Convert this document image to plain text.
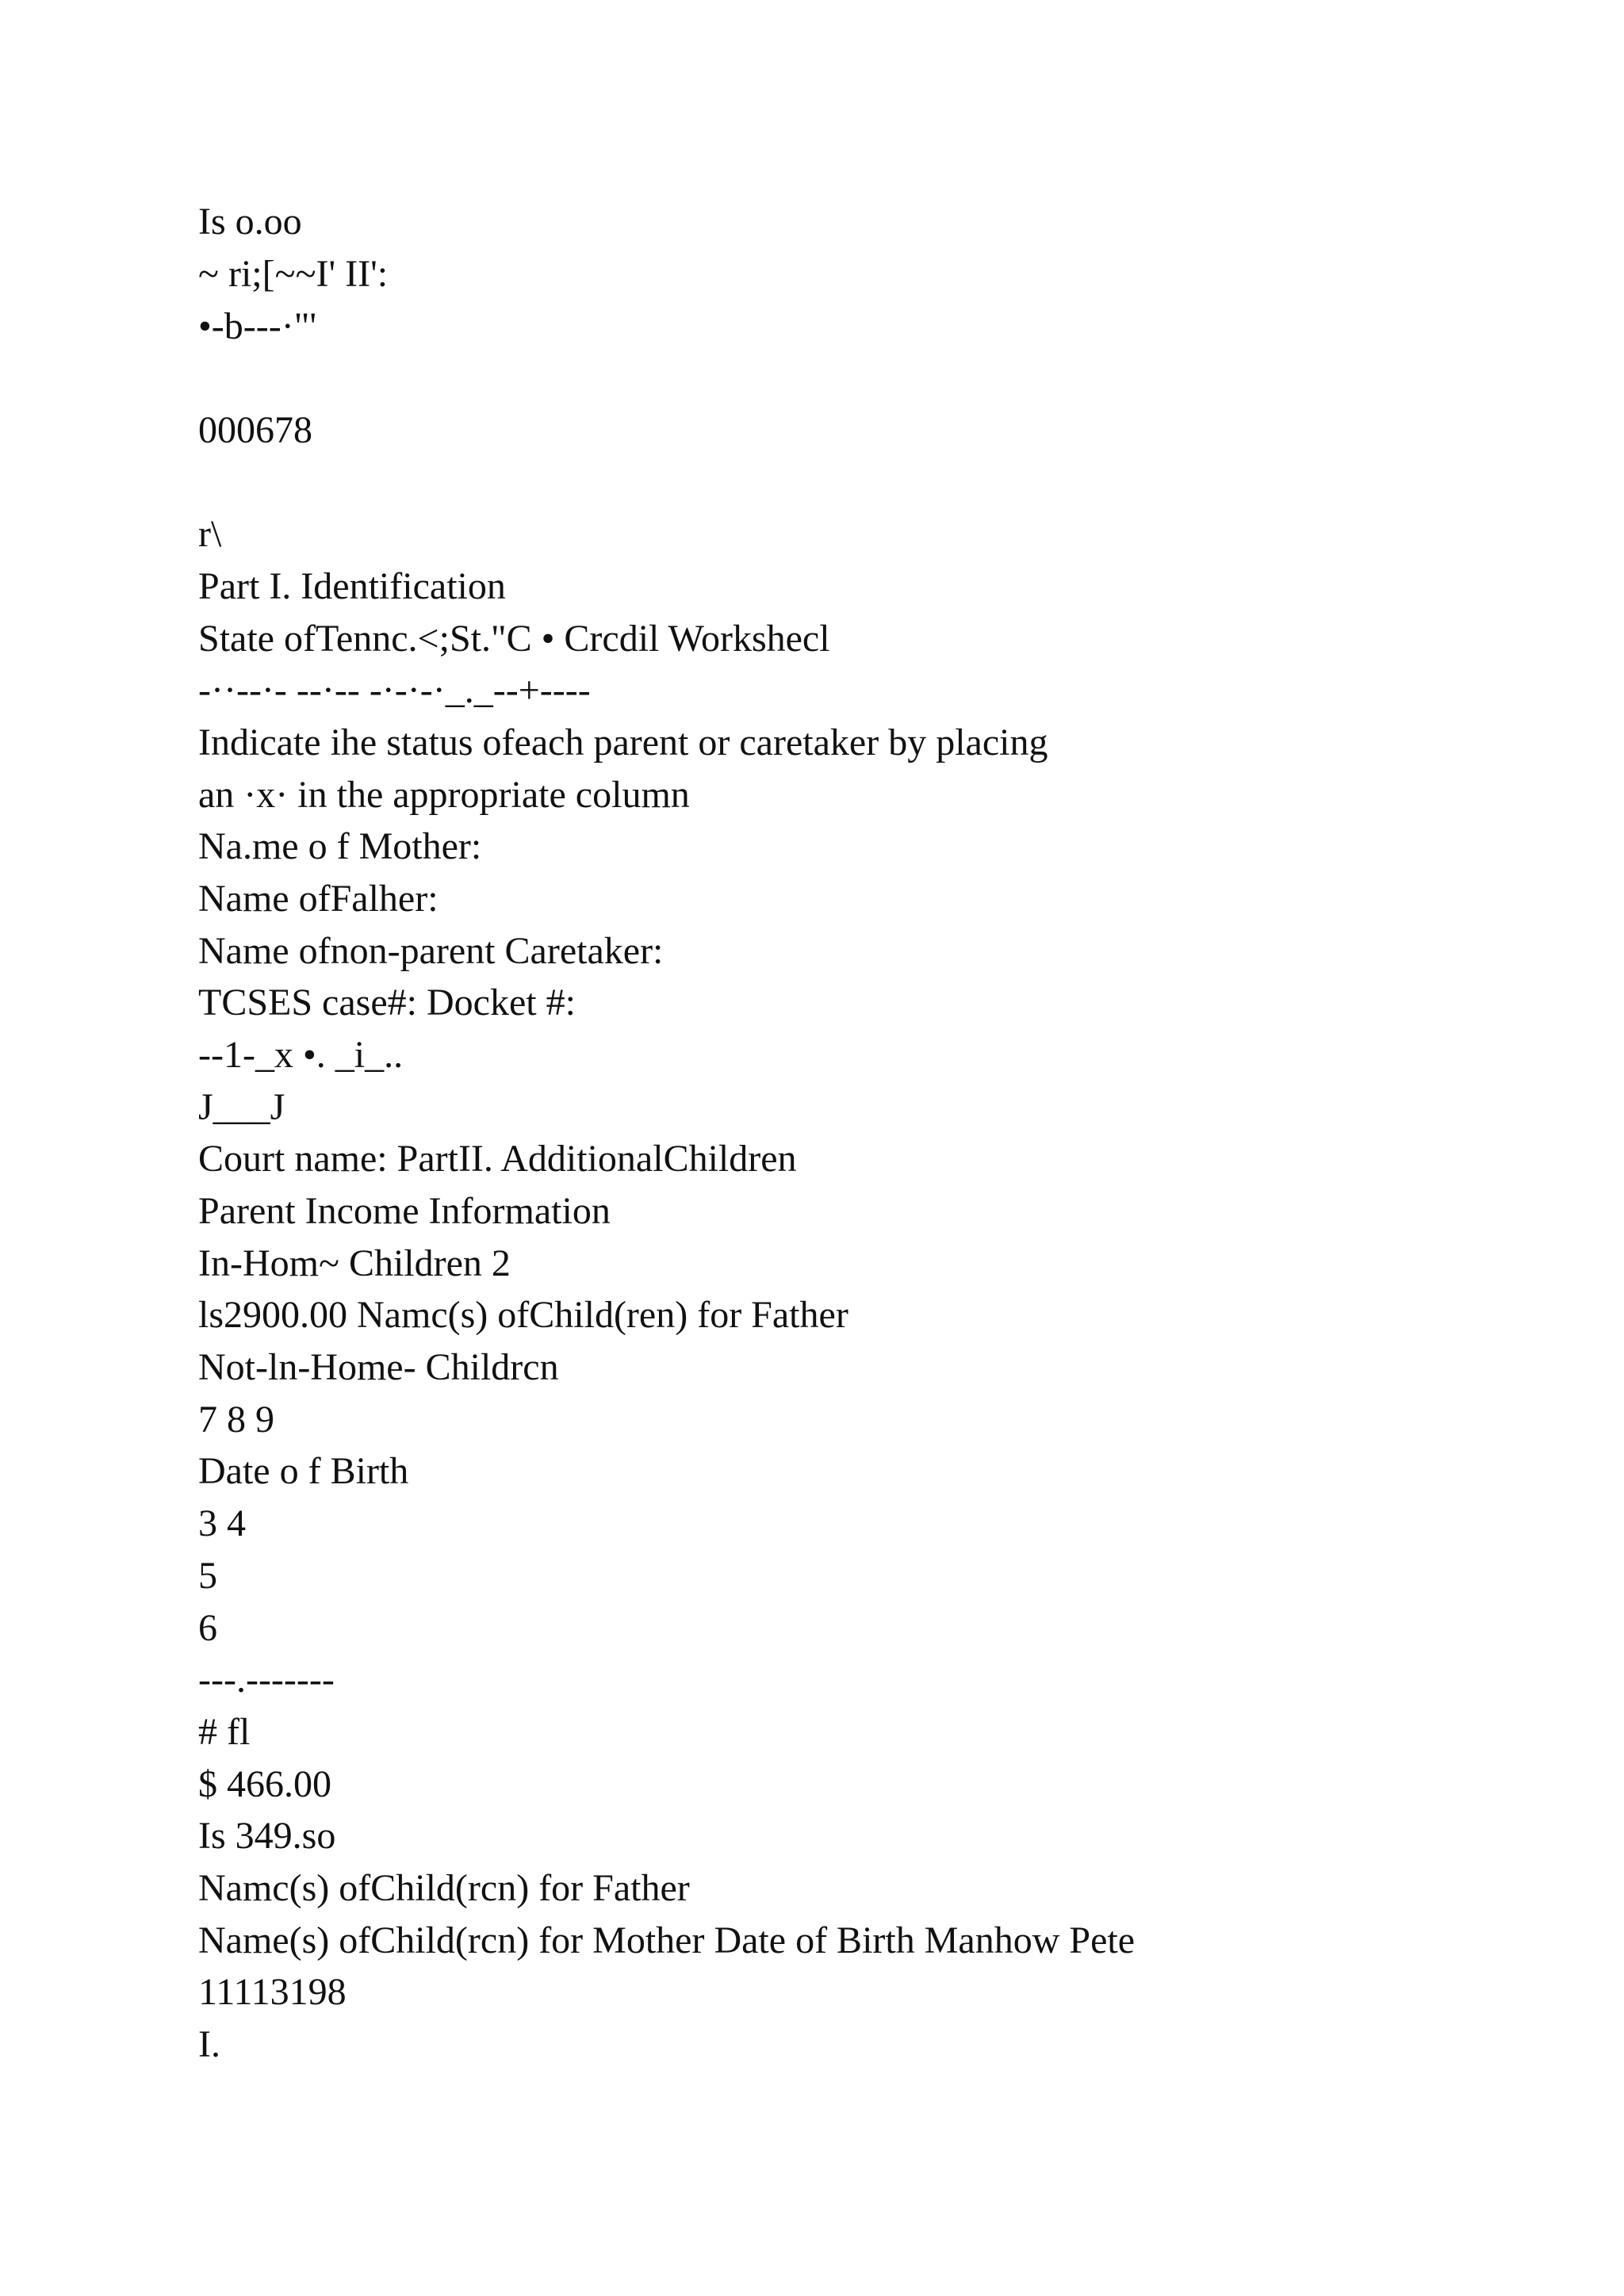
Is o.oo

~ ri;[~~I' II':

•-b---·"'

000678

r\

Part I. Identification

State ofTennc.<;St."C • Crcdil Workshecl

-··--·- --·-- -·-·-·_._--+----

Indicate ihe status ofeach parent or caretaker by placing

an ·x· in the appropriate column

Na.me o f Mother:

Name ofFalher:

Name ofnon-parent Caretaker:

TCSES case#: Docket #:

--1-_x •. _i_..

J___J

Court name: PartII. AdditionalChildren

Parent Income Information

In-Hom~ Children 2

ls2900.00 Namc(s) ofChild(ren) for Father

Not-ln-Home- Childrcn

7 8 9

Date o f Birth

3 4

5

6

---.-------

# fl

$ 466.00

Is 349.so

Namc(s) ofChild(rcn) for Father

Name(s) ofChild(rcn) for Mother Date of Birth Manhow Pete

11113198

I.
